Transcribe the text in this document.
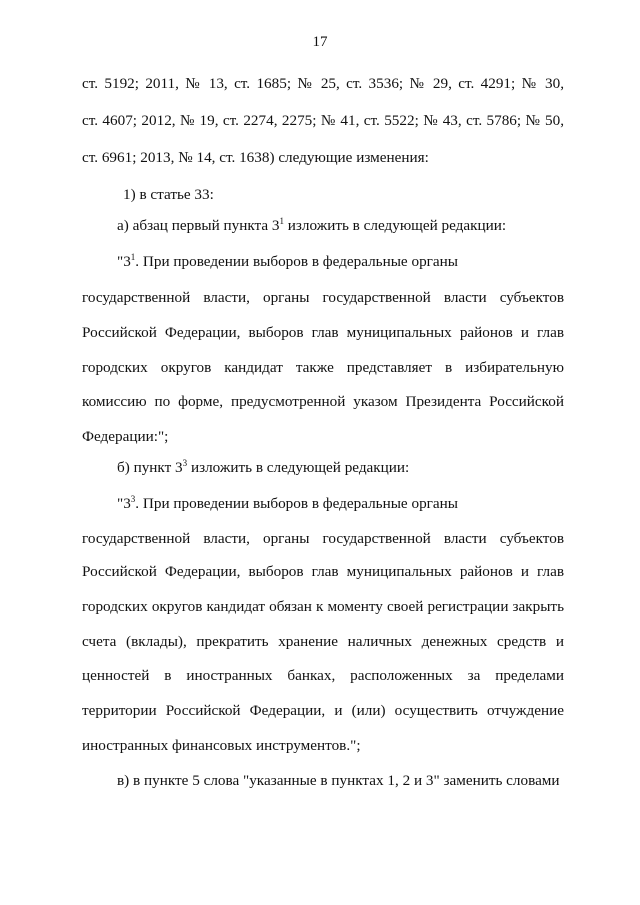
17
ст. 5192; 2011, № 13, ст. 1685; № 25, ст. 3536; № 29, ст. 4291; № 30,
ст. 4607; 2012, № 19, ст. 2274, 2275; № 41, ст. 5522; № 43, ст. 5786; № 50,
ст. 6961; 2013, № 14, ст. 1638) следующие изменения:
1) в статье 33:
а) абзац первый пункта $3^1$ изложить в следующей редакции:
"$3^1$. При проведении выборов в федеральные органы
государственной власти, органы государственной власти субъектов
Российской Федерации, выборов глав муниципальных районов и глав
городских округов кандидат также представляет в избирательную
комиссию по форме, предусмотренной указом Президента Российской
Федерации:";
б) пункт $3^3$ изложить в следующей редакции:
"$3^3$. При проведении выборов в федеральные органы
государственной власти, органы государственной власти субъектов
Российской Федерации, выборов глав муниципальных районов и глав
городских округов кандидат обязан к моменту своей регистрации закрыть
счета (вклады), прекратить хранение наличных денежных средств и
ценностей в иностранных банках, расположенных за пределами
территории Российской Федерации, и (или) осуществить отчуждение
иностранных финансовых инструментов.";
в) в пункте 5 слова "указанные в пунктах 1, 2 и 3" заменить словами
